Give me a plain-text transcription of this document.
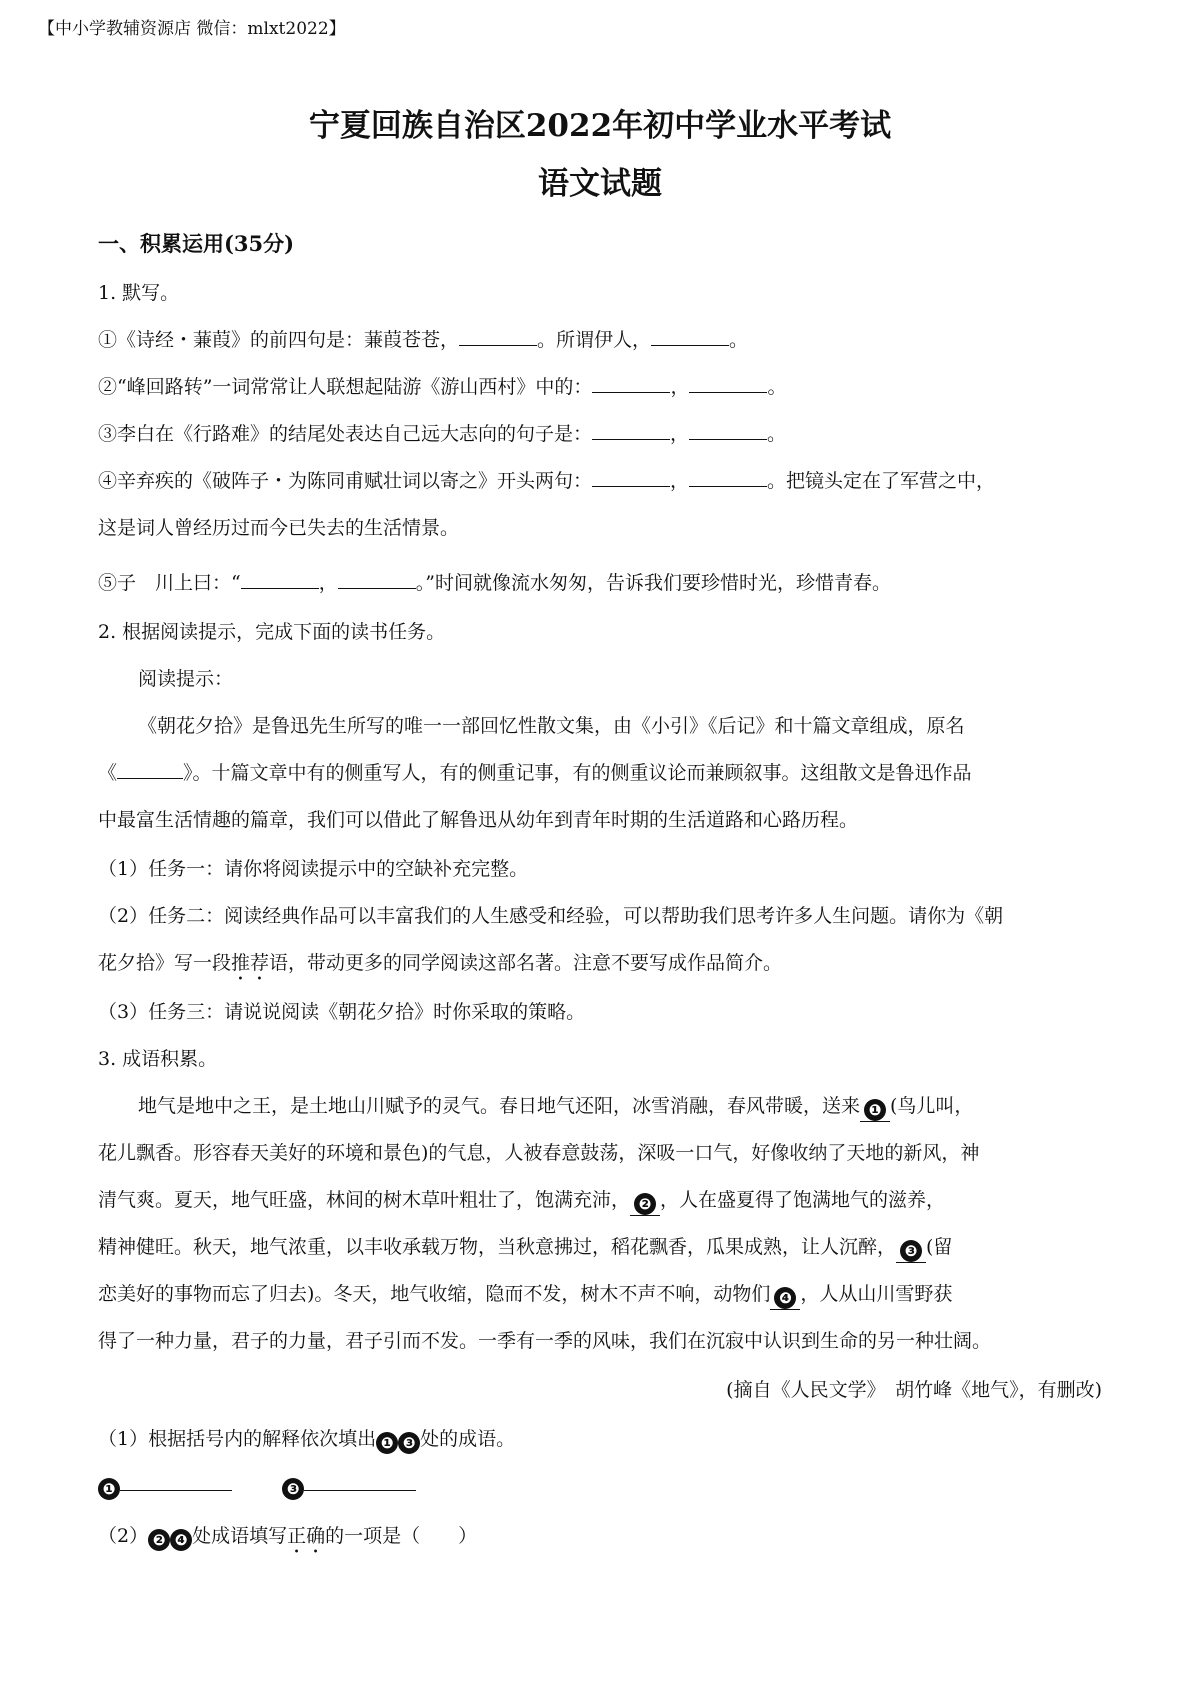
【中小学教辅资源店 微信：mlxt2022】
宁夏回族自治区2022年初中学业水平考试
语文试题
一、积累运用(35分)
1. 默写。
①《诗经・蒹葭》的前四句是：蒹葭苍苍，	。所谓伊人，	。
②“峰回路转”一词常常让人联想起陆游《游山西村》中的：	，	。
③李白在《行路难》的结尾处表达自己远大志向的句子是：	，	。
④辛弃疾的《破阵子・为陈同甫赋壮词以寄之》开头两句：	，	。把镜头定在了军营之中，
这是词人曾经历过而今已失去的生活情景。
⑤子　川上曰：“	，	。”时间就像流水匆匆，告诉我们要珍惜时光，珍惜青春。
2. 根据阅读提示，完成下面的读书任务。
阅读提示：
《朝花夕拾》是鲁迅先生所写的唯一一部回忆性散文集，由《小引》《后记》和十篇文章组成，原名
《	》。十篇文章中有的侧重写人，有的侧重记事，有的侧重议论而兼顾叙事。这组散文是鲁迅作品
中最富生活情趣的篇章，我们可以借此了解鲁迅从幼年到青年时期的生活道路和心路历程。
（1）任务一：请你将阅读提示中的空缺补充完整。
（2）任务二：阅读经典作品可以丰富我们的人生感受和经验，可以帮助我们思考许多人生问题。请你为《朝
花夕拾》写一段推荐语，带动更多的同学阅读这部名著。注意不要写成作品简介。
（3）任务三：请说说阅读《朝花夕拾》时你采取的策略。
3. 成语积累。
地气是地中之王，是土地山川赋予的灵气。春日地气还阳，冰雪消融，春风带暖，送来 ❶ (鸟儿叫，
花儿飘香。形容春天美好的环境和景色)的气息，人被春意鼓荡，深吸一口气，好像收纳了天地的新风，神
清气爽。夏天，地气旺盛，林间的树木草叶粗壮了，饱满充沛， ❷ ，人在盛夏得了饱满地气的滋养，
精神健旺。秋天，地气浓重，以丰收承载万物，当秋意拂过，稻花飘香，瓜果成熟，让人沉醉， ❸ (留
恋美好的事物而忘了归去)。冬天，地气收缩，隐而不发，树木不声不响，动物们 ❹ ，人从山川雪野获
得了一种力量，君子的力量，君子引而不发。一季有一季的风味，我们在沉寂中认识到生命的另一种壮阔。
(摘自《人民文学》　胡竹峰《地气》，有删改)
（1）根据括号内的解释依次填出 ❶ ❸ 处的成语。
❶	❸
（2） ❷ ❹ 处成语填写正确的一项是（　　）
